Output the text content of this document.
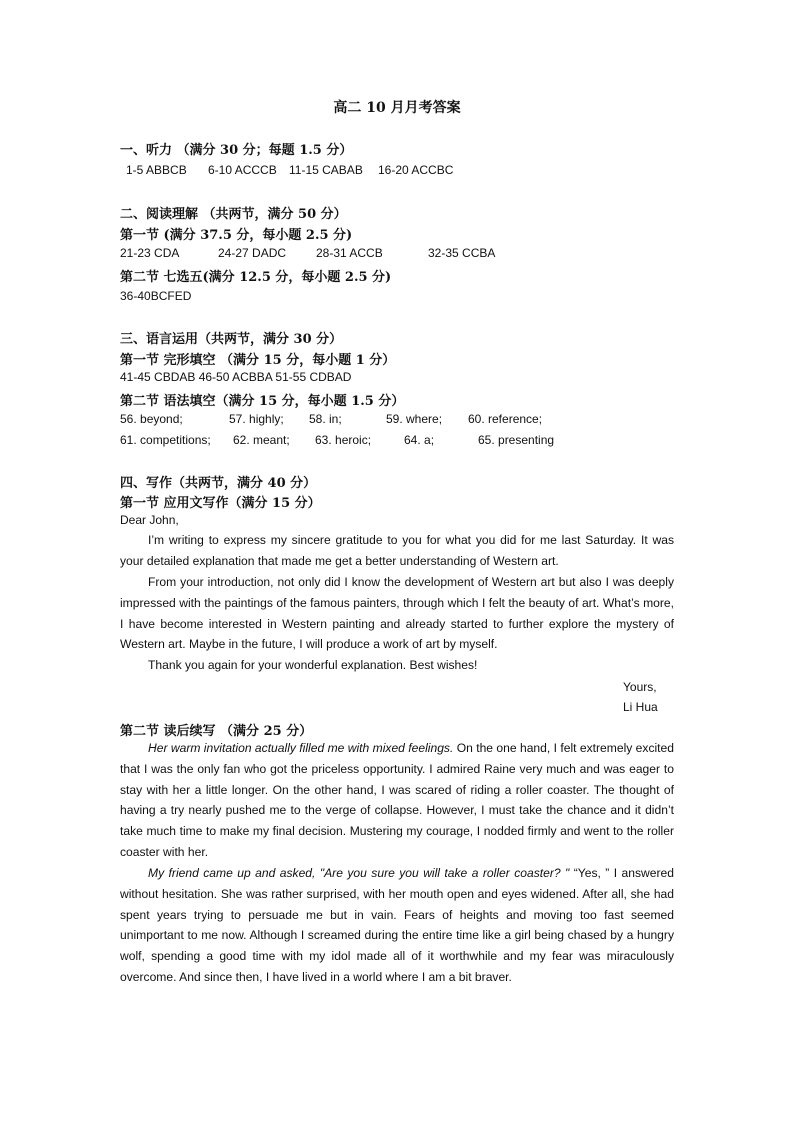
高二 10 月月考答案
一、听力 （满分 30 分；每题 1.5 分）
1-5 ABBCB 6-10 ACCCB 11-15 CABAB 16-20 ACCBC
二、阅读理解 （共两节，满分 50 分）
第一节 (满分 37.5 分，每小题 2.5 分)
21-23 CDA	24-27 DADC 28-31 ACCB	32-35 CCBA
第二节 七选五(满分 12.5 分，每小题 2.5 分)
36-40BCFED
三、语言运用（共两节，满分 30 分）
第一节 完形填空 （满分 15 分，每小题 1 分）
41-45 CBDAB 46-50 ACBBA 51-55 CDBAD
第二节 语法填空（满分 15 分，每小题 1.5 分）
56. beyond;	57. highly; 58. in;	59. where; 60. reference;
61. competitions; 62. meant; 63. heroic;	64. a;	65. presenting
四、写作（共两节，满分 40 分）
第一节 应用文写作（满分 15 分）
Dear John,

I’m writing to express my sincere gratitude to you for what you did for me last Saturday. It was your detailed explanation that made me get a better understanding of Western art.

From your introduction, not only did I know the development of Western art but also I was deeply impressed with the paintings of the famous painters, through which I felt the beauty of art. What’s more, I have become interested in Western painting and already started to further explore the mystery of Western art. Maybe in the future, I will produce a work of art by myself.

Thank you again for your wonderful explanation. Best wishes!

Yours,
Li Hua
第二节 读后续写 （满分 25 分）

Her warm invitation actually filled me with mixed feelings. On the one hand, I felt extremely excited that I was the only fan who got the priceless opportunity. I admired Raine very much and was eager to stay with her a little longer. On the other hand, I was scared of riding a roller coaster. The thought of having a try nearly pushed me to the verge of collapse. However, I must take the chance and it didn’t take much time to make my final decision. Mustering my courage, I nodded firmly and went to the roller coaster with her.

My friend came up and asked, "Are you sure you will take a roller coaster? " “Yes, ” I answered without hesitation. She was rather surprised, with her mouth open and eyes widened. After all, she had spent years trying to persuade me but in vain. Fears of heights and moving too fast seemed unimportant to me now. Although I screamed during the entire time like a girl being chased by a hungry wolf, spending a good time with my idol made all of it worthwhile and my fear was miraculously overcome. And since then, I have lived in a world where I am a bit braver.
